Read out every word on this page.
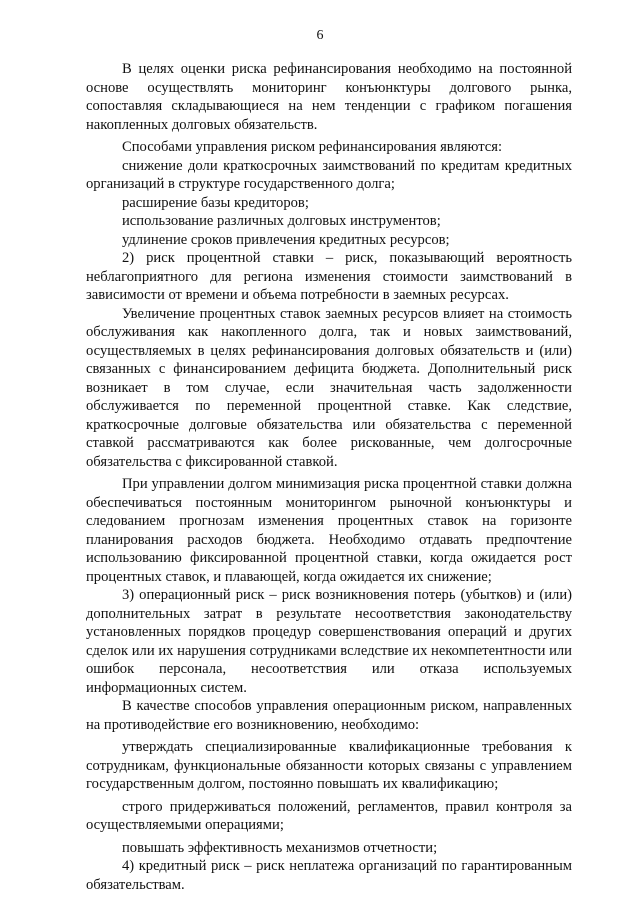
6

В целях оценки риска рефинансирования необходимо на постоянной основе осуществлять мониторинг конъюнктуры долгового рынка, сопоставляя складывающиеся на нем тенденции с графиком погашения накопленных долговых обязательств.

Способами управления риском рефинансирования являются:

снижение доли краткосрочных заимствований по кредитам кредитных организаций в структуре государственного долга;

расширение базы кредиторов;

использование различных долговых инструментов;

удлинение сроков привлечения кредитных ресурсов;

2) риск процентной ставки – риск, показывающий вероятность неблагоприятного для региона изменения стоимости заимствований в зависимости от времени и объема потребности в заемных ресурсах.

Увеличение процентных ставок заемных ресурсов влияет на стоимость обслуживания как накопленного долга, так и новых заимствований, осуществляемых в целях рефинансирования долговых обязательств и (или) связанных с финансированием дефицита бюджета. Дополнительный риск возникает в том случае, если значительная часть задолженности обслуживается по переменной процентной ставке. Как следствие, краткосрочные долговые обязательства или обязательства с переменной ставкой рассматриваются как более рискованные, чем долгосрочные обязательства с фиксированной ставкой.

При управлении долгом минимизация риска процентной ставки должна обеспечиваться постоянным мониторингом рыночной конъюнктуры и следованием прогнозам изменения процентных ставок на горизонте планирования расходов бюджета. Необходимо отдавать предпочтение использованию фиксированной процентной ставки, когда ожидается рост процентных ставок, и плавающей, когда ожидается их снижение;

3) операционный риск – риск возникновения потерь (убытков) и (или) дополнительных затрат в результате несоответствия законодательству установленных порядков процедур совершенствования операций и других сделок или их нарушения сотрудниками вследствие их некомпетентности или ошибок персонала, несоответствия или отказа используемых информационных систем.

В качестве способов управления операционным риском, направленных на противодействие его возникновению, необходимо:

утверждать специализированные квалификационные требования к сотрудникам, функциональные обязанности которых связаны с управлением государственным долгом, постоянно повышать их квалификацию;

строго придерживаться положений, регламентов, правил контроля за осуществляемыми операциями;

повышать эффективность механизмов отчетности;

4) кредитный риск – риск неплатежа организаций по гарантированным обязательствам.
